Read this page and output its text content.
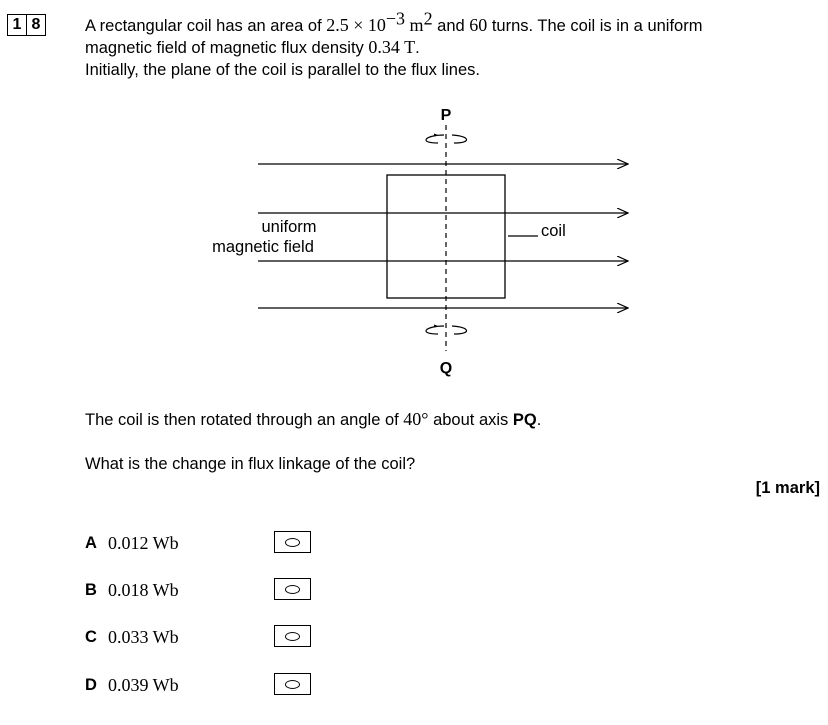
1 8	A rectangular coil has an area of $2.5 \times 10^{-3}$ $m^2$ and 60 turns. The coil is in a uniform
magnetic field of magnetic flux density 0.34 T.
Initially, the plane of the coil is parallel to the flux lines.
P
Q
uniform
magnetic field
coil
The coil is then rotated through an angle of 40° about axis PQ.
What is the change in flux linkage of the coil?
[1 mark]
A 0.012 Wb
B 0.018 Wb
C 0.033 Wb
D 0.039 Wb
